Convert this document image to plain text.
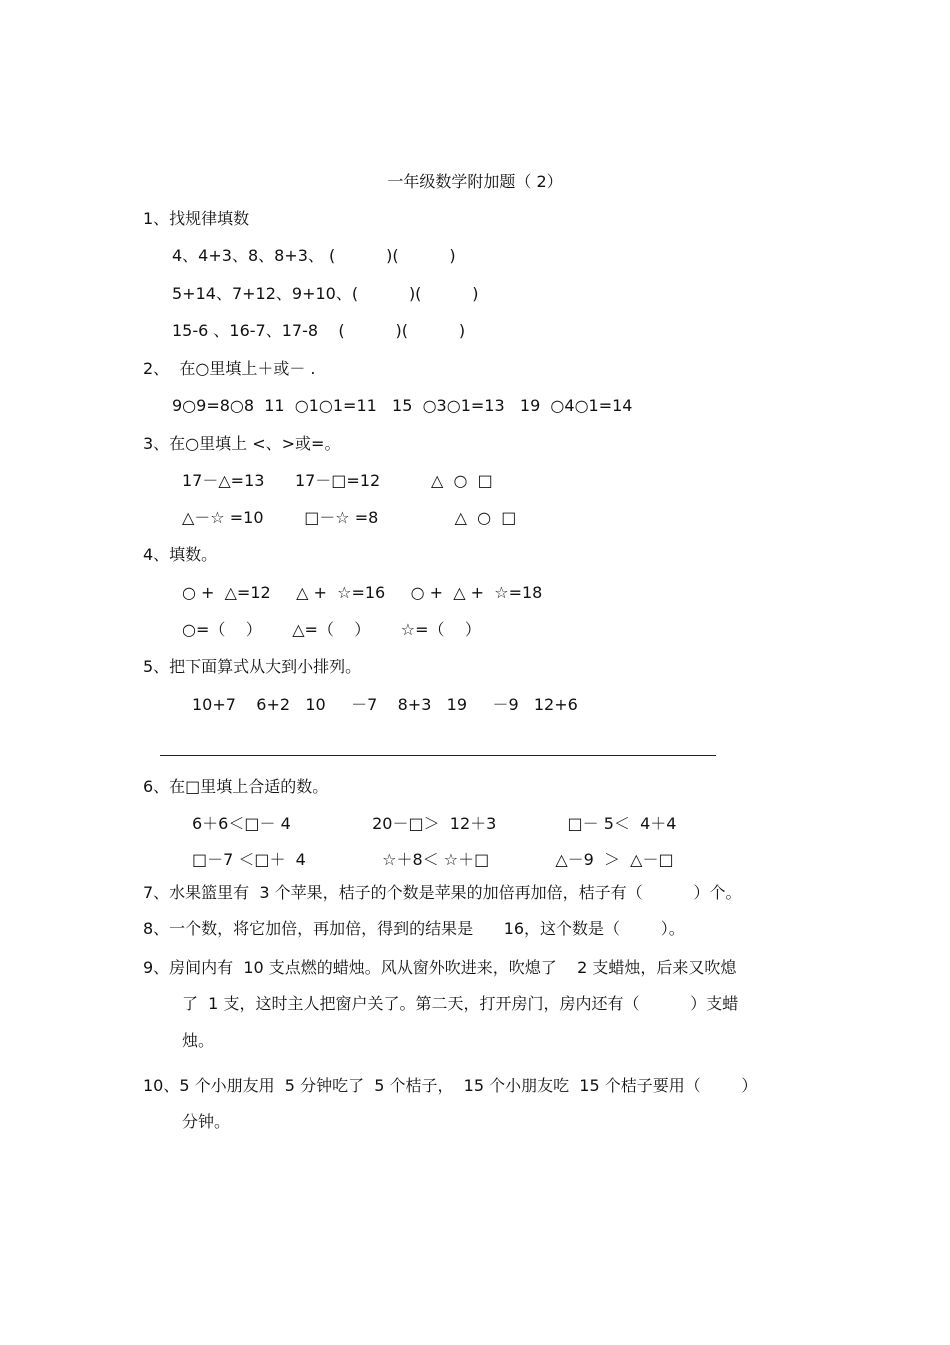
一年级数学附加题（ 2）
1、找规律填数
4、4+3、8、8+3、 (          )(          )
5+14、7+12、9+10、(          )(          )
15-6 、16-7、17-8    (          )(          )
2、  在○里填上＋或－ .
9○9=8○8  11  ○1○1=11   15  ○3○1=13   19  ○4○1=14
3、在○里填上 <、>或=。
17－△=13      17－□=12          △  ○  □
△－☆ =10        □－☆ =8               △  ○  □
4、填数。
○ +  △=12     △ +  ☆=16     ○ +  △ +  ☆=18
○=（    ）      △=（    ）      ☆=（    ）
5、把下面算式从大到小排列。
10+7    6+2   10     －7    8+3   19     －9   12+6
6、在□里填上合适的数。
6＋6＜□－ 4                20－□＞  12＋3              □－ 5＜  4＋4
□－7 ＜□＋  4               ☆＋8＜ ☆＋□             △－9  ＞  △－□
7、水果篮里有  3 个苹果，桔子的个数是苹果的加倍再加倍，桔子有（          ）个。
8、一个数，将它加倍，再加倍，得到的结果是      16，这个数是（        ）。
9、房间内有  10 支点燃的蜡烛。风从窗外吹进来，吹熄了    2 支蜡烛，后来又吹熄
了  1 支，这时主人把窗户关了。第二天，打开房门，房内还有（          ）支蜡
烛。
10、5 个小朋友用  5 分钟吃了  5 个桔子，  15 个小朋友吃  15 个桔子要用（        ）
分钟。
